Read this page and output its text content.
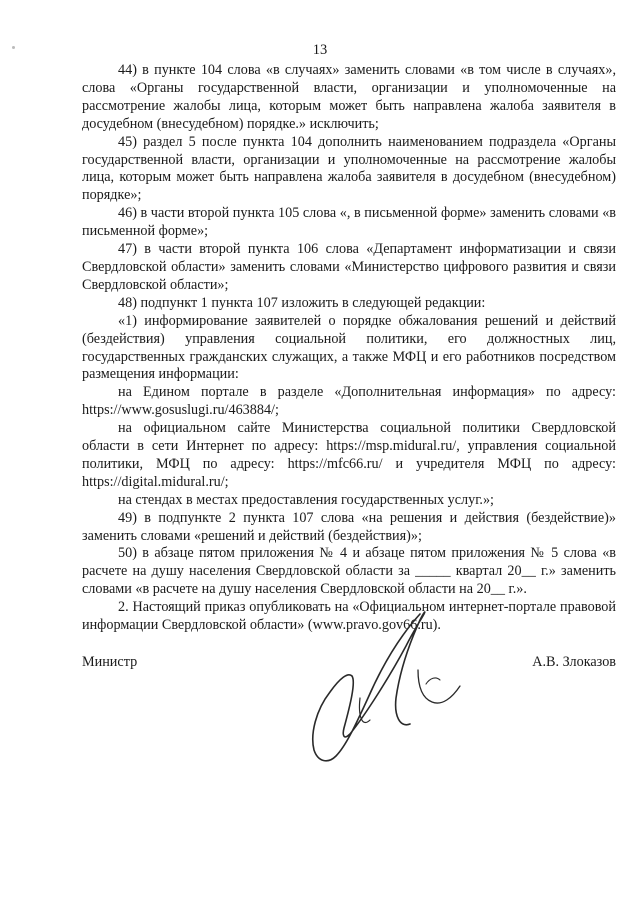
13

44) в пункте 104 слова «в случаях» заменить словами «в том числе в случаях», слова «Органы государственной власти, организации и уполномоченные на рассмотрение жалобы лица, которым может быть направлена жалоба заявителя в досудебном (внесудебном) порядке.» исключить;

45) раздел 5 после пункта 104 дополнить наименованием подраздела «Органы государственной власти, организации и уполномоченные на рассмотрение жалобы лица, которым может быть направлена жалоба заявителя в досудебном (внесудебном) порядке»;

46) в части второй пункта 105 слова «, в письменной форме» заменить словами «в письменной форме»;

47) в части второй пункта 106 слова «Департамент информатизации и связи Свердловской области» заменить словами «Министерство цифрового развития и связи Свердловской области»;

48) подпункт 1 пункта 107 изложить в следующей редакции:

«1) информирование заявителей о порядке обжалования решений и действий (бездействия) управления социальной политики, его должностных лиц, государственных гражданских служащих, а также МФЦ и его работников посредством размещения информации:

на Едином портале в разделе «Дополнительная информация» по адресу: https://www.gosuslugi.ru/463884/;

на официальном сайте Министерства социальной политики Свердловской области в сети Интернет по адресу: https://msp.midural.ru/, управления социальной политики, МФЦ по адресу: https://mfc66.ru/ и учредителя МФЦ по адресу: https://digital.midural.ru/;

на стендах в местах предоставления государственных услуг.»;

49) в подпункте 2 пункта 107 слова «на решения и действия (бездействие)» заменить словами «решений и действий (бездействия)»;

50) в абзаце пятом приложения № 4 и абзаце пятом приложения № 5 слова «в расчете на душу населения Свердловской области за _____ квартал 20__ г.» заменить словами «в расчете на душу населения Свердловской области на 20__ г.».

2. Настоящий приказ опубликовать на «Официальном интернет-портале правовой информации Свердловской области» (www.pravo.gov66.ru).

Министр	А.В. Злоказов
